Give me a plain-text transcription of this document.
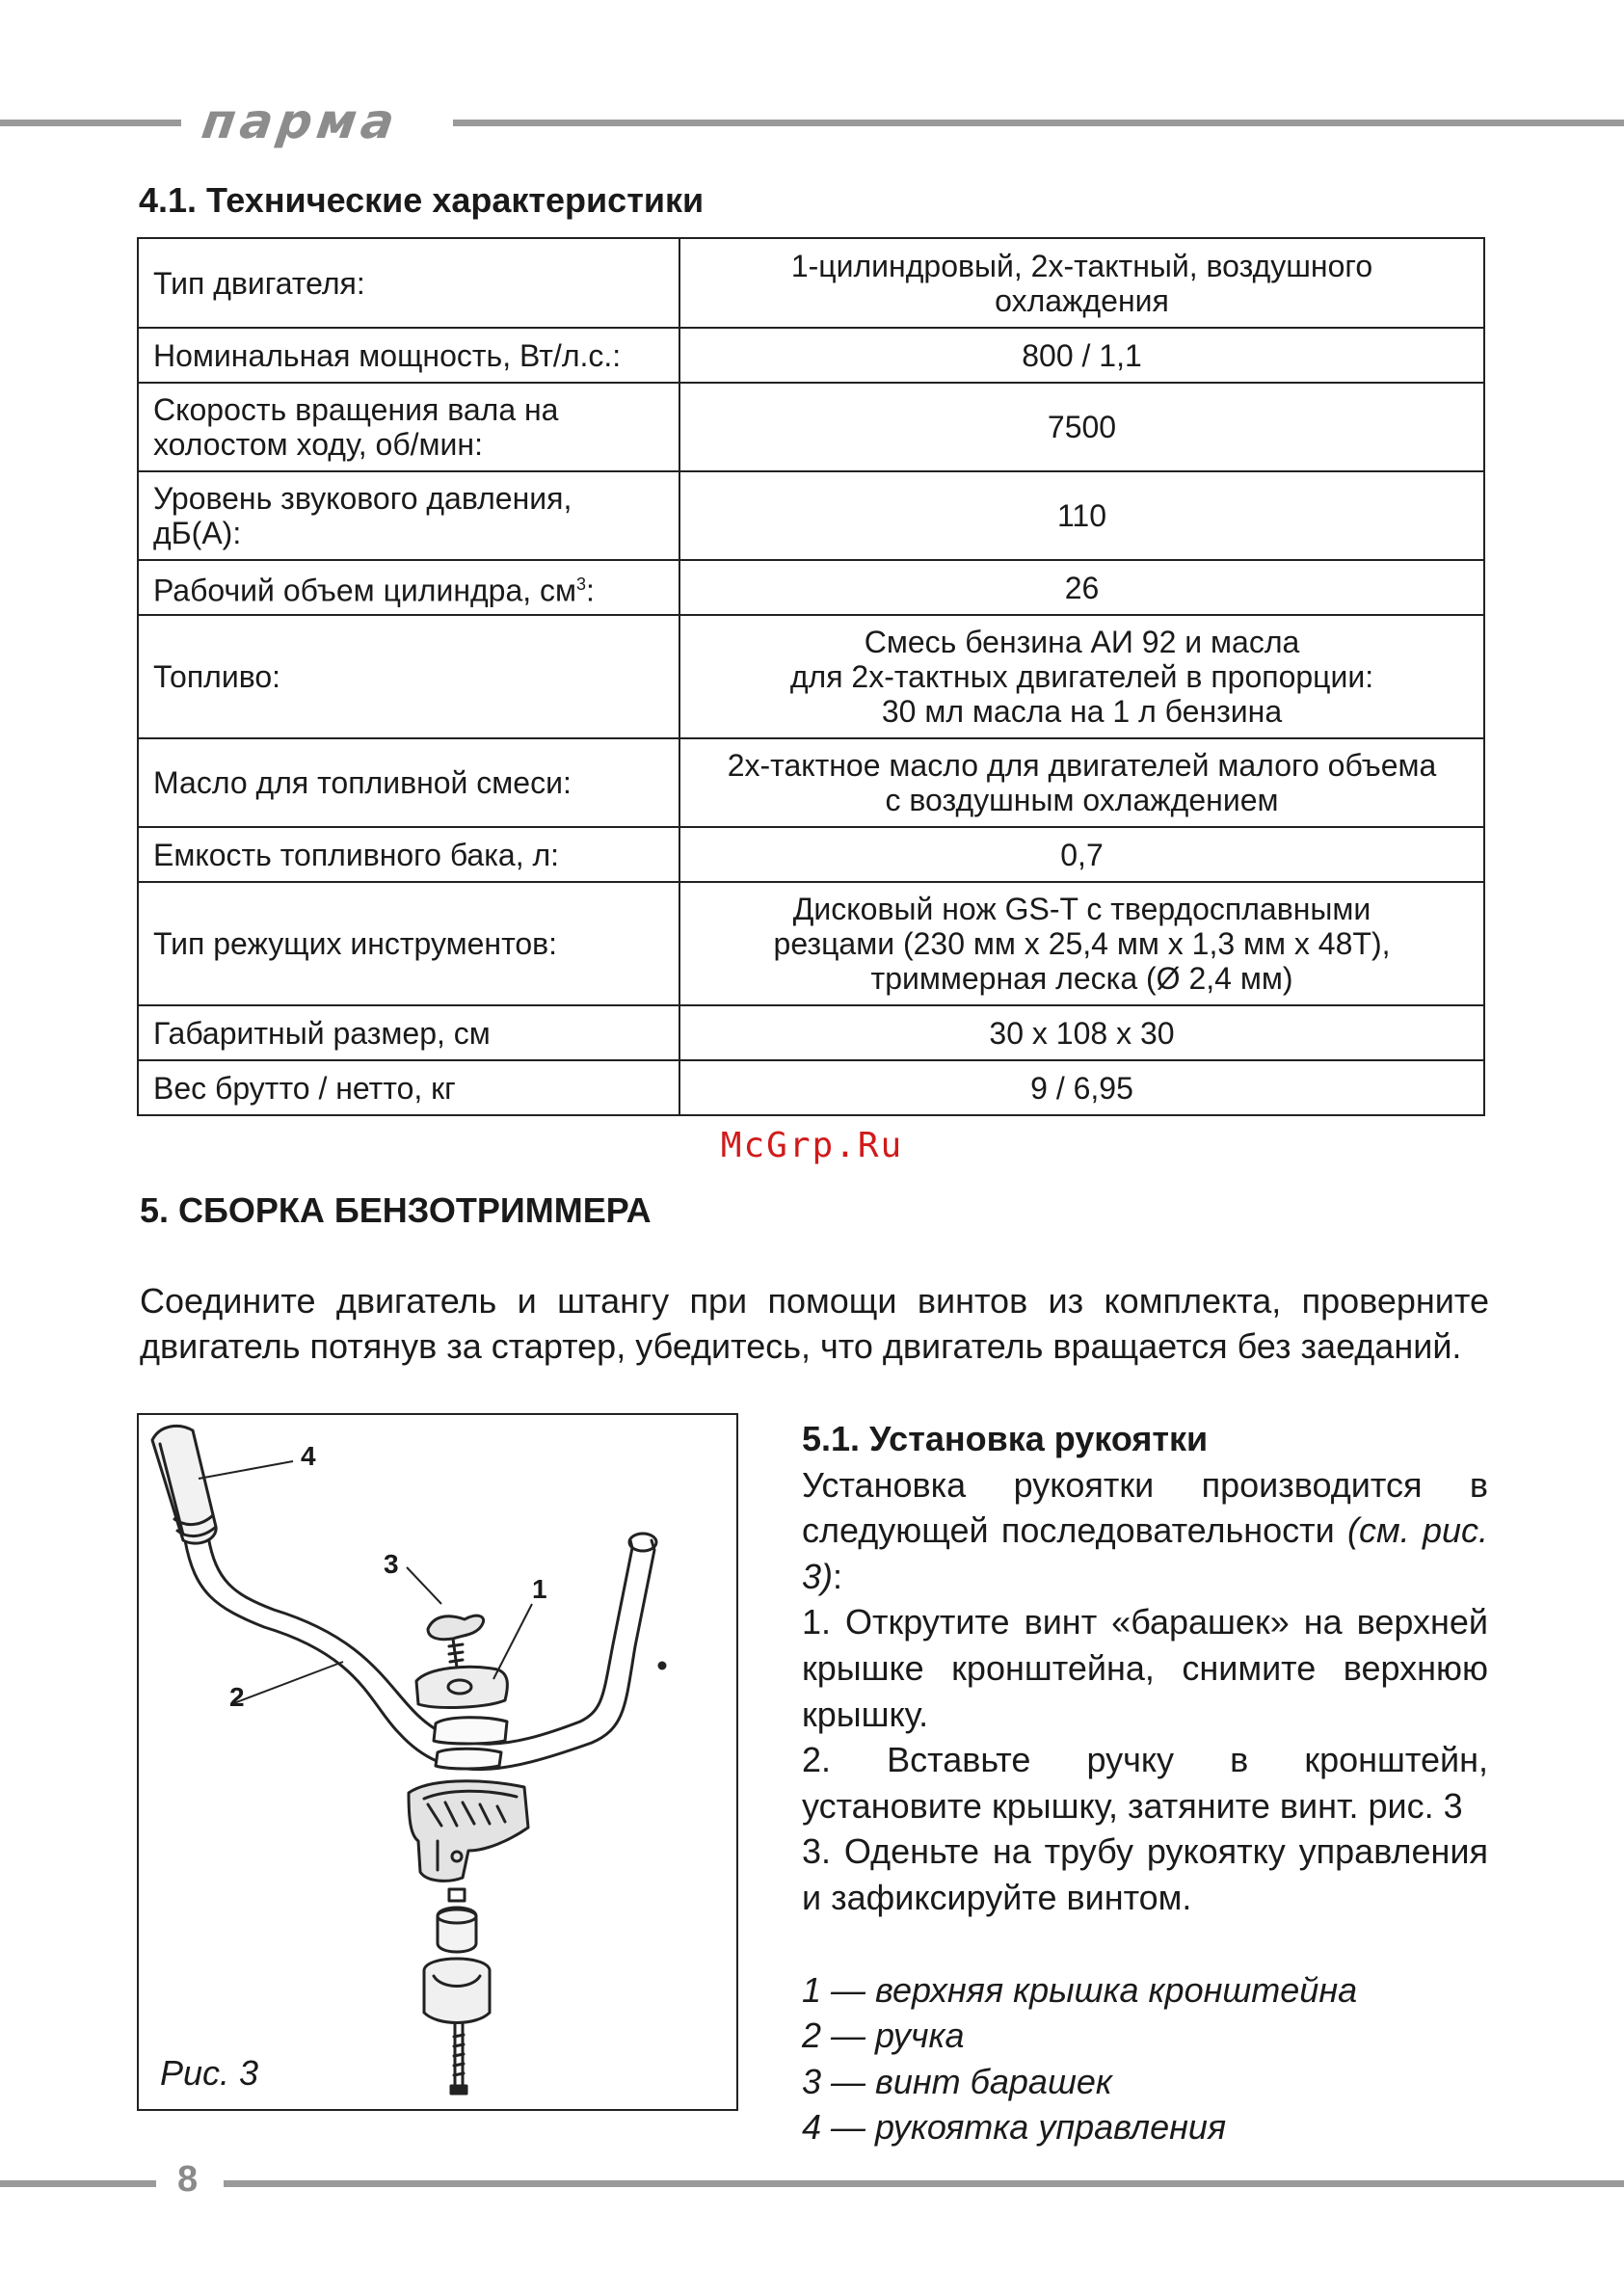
парма
4.1. Технические характеристики
Тип двигателя:	1-цилиндровый, 2х-тактный, воздушного
охлаждения
Номинальная мощность, Вт/л.с.:	800 / 1,1
Скорость вращения вала на
холостом ходу, об/мин:	7500
Уровень звукового давления,
дБ(А):	110
Рабочий объем цилиндра, $см^3$:	26
Топливо:	Смесь бензина АИ 92 и масла
для 2х-тактных двигателей в пропорции:
30 мл масла на 1 л бензина
Масло для топливной смеси:	2х-тактное масло для двигателей малого объема
с воздушным охлаждением
Емкость топливного бака, л:	0,7
Тип режущих инструментов:	Дисковый нож GS-T с твердосплавными
резцами (230 мм х 25,4 мм х 1,3 мм х 48Т),
триммерная леска (Ø 2,4 мм)
Габаритный размер, см	30 х 108 х 30
Вес брутто / нетто, кг	9 / 6,95
McGrp.Ru
5. СБОРКА БЕНЗОТРИММЕРА
Соедините двигатель и штангу при помощи винтов из комплекта, проверните двигатель потянув за стартер, убедитесь, что двигатель вращается без заеданий.
4
3
1
2
Рис. 3
5.1. Установка рукоятки
Установка рукоятки производится в следующей последовательности (см. рис. 3):
1. Открутите винт «барашек» на верхней крышке кронштейна, снимите верхнюю крышку.
2. Вставьте ручку в кронштейн, установите крышку, затяните винт. рис. 3
3. Оденьте на трубу рукоятку управления и зафиксируйте винтом.
1 — верхняя крышка кронштейна
2 — ручка
3 — винт барашек
4 — рукоятка управления
8
